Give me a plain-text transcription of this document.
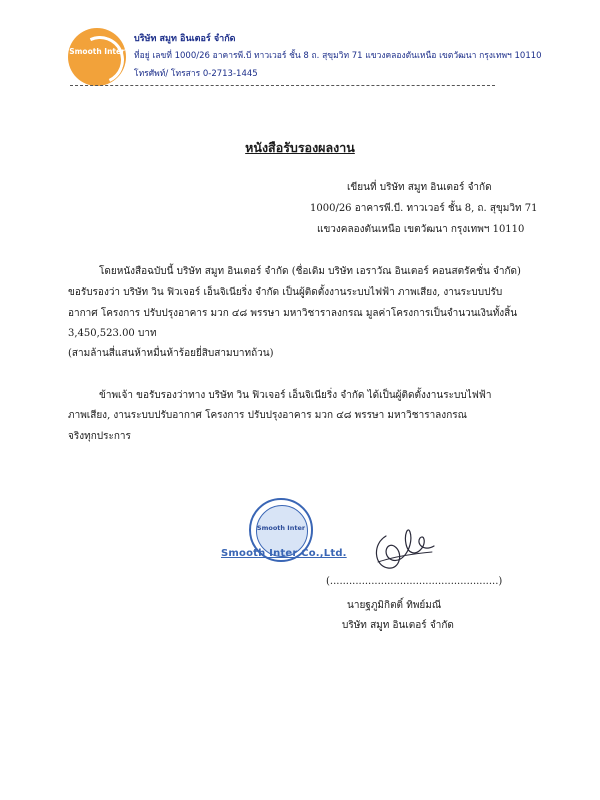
Smooth Inter
บริษัท สมูท อินเตอร์ จำกัด
ที่อยู่ เลขที่ 1000/26 อาคารพี.บี ทาวเวอร์ ชั้น 8 ถ. สุขุมวิท 71 แขวงคลองตันเหนือ เขตวัฒนา กรุงเทพฯ 10110
โทรศัพท์/ โทรสาร 0-2713-1445
หนังสือรับรองผลงาน
เขียนที่ บริษัท สมูท อินเตอร์ จำกัด
1000/26 อาคารพี.บี. ทาวเวอร์ ชั้น 8, ถ. สุขุมวิท 71
แขวงคลองตันเหนือ เขตวัฒนา กรุงเทพฯ 10110
โดยหนังสือฉบับนี้ บริษัท สมูท อินเตอร์ จำกัด (ชื่อเดิม บริษัท เอราวัณ อินเตอร์ คอนสตรัคชั่น จำกัด)
ขอรับรองว่า บริษัท วิน ฟิวเจอร์ เอ็นจิเนียริ่ง จำกัด เป็นผู้ติดตั้งงานระบบไฟฟ้า ภาพเสียง, งานระบบปรับ
อากาศ โครงการ ปรับปรุงอาคาร มวก ๔๘ พรรษา มหาวิชาราลงกรณ มูลค่าโครงการเป็นจำนวนเงินทั้งสิ้น
3,450,523.00 บาท
(สามล้านสี่แสนห้าหมื่นห้าร้อยยี่สิบสามบาทถ้วน)
ข้าพเจ้า ขอรับรองว่าทาง บริษัท วิน ฟิวเจอร์ เอ็นจิเนียริ่ง จำกัด ได้เป็นผู้ติดตั้งงานระบบไฟฟ้า
ภาพเสียง, งานระบบปรับอากาศ โครงการ ปรับปรุงอาคาร มวก ๔๘ พรรษา มหาวิชาราลงกรณ
จริงทุกประการ
Smooth Inter
Smooth Inter Co.,Ltd.
(.....................................................)
นายฐภูมิกิตติ์ ทิพย์มณี
บริษัท สมูท อินเตอร์ จำกัด
